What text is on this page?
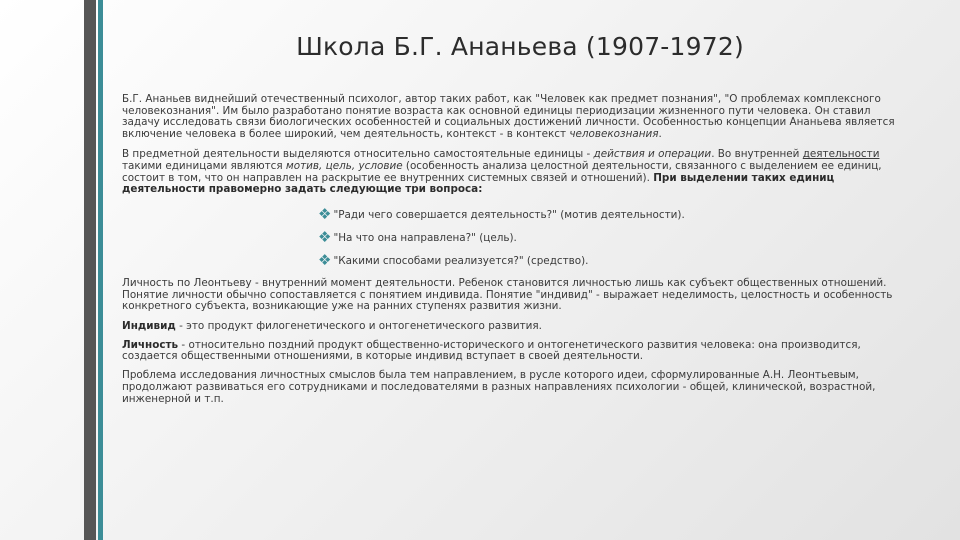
Школа Б.Г. Ананьева (1907-1972)

Б.Г. Ананьев виднейший отечественный психолог, автор таких работ, как "Человек как предмет познания", "О проблемах комплексного человекознания". Им было разработано понятие возраста как основной единицы периодизации жизненного пути человека. Он ставил задачу исследовать связи биологических особенностей и социальных достижений личности. Особенностью концепции Ананьева является включение человека в более широкий, чем деятельность, контекст - в контекст человекознания.

В предметной деятельности выделяются относительно самостоятельные единицы - действия и операции. Во внутренней деятельности такими единицами являются мотив, цель, условие (особенность анализа целостной деятельности, связанного с выделением ее единиц, состоит в том, что он направлен на раскрытие ее внутренних системных связей и отношений). При выделении таких единиц деятельности правомерно задать следующие три вопроса:

❖ "Ради чего совершается деятельность?" (мотив деятельности).
❖ "На что она направлена?" (цель).
❖ "Какими способами реализуется?" (средство).

Личность по Леонтьеву - внутренний момент деятельности. Ребенок становится личностью лишь как субъект общественных отношений. Понятие личности обычно сопоставляется с понятием индивида. Понятие "индивид" - выражает неделимость, целостность и особенность конкретного субъекта, возникающие уже на ранних ступенях развития жизни.

Индивид - это продукт филогенетического и онтогенетического развития.

Личность - относительно поздний продукт общественно-исторического и онтогенетического развития человека: она производится, создается общественными отношениями, в которые индивид вступает в своей деятельности.

Проблема исследования личностных смыслов была тем направлением, в русле которого идеи, сформулированные А.Н. Леонтьевым, продолжают развиваться его сотрудниками и последователями в разных направлениях психологии - общей, клинической, возрастной, инженерной и т.п.
